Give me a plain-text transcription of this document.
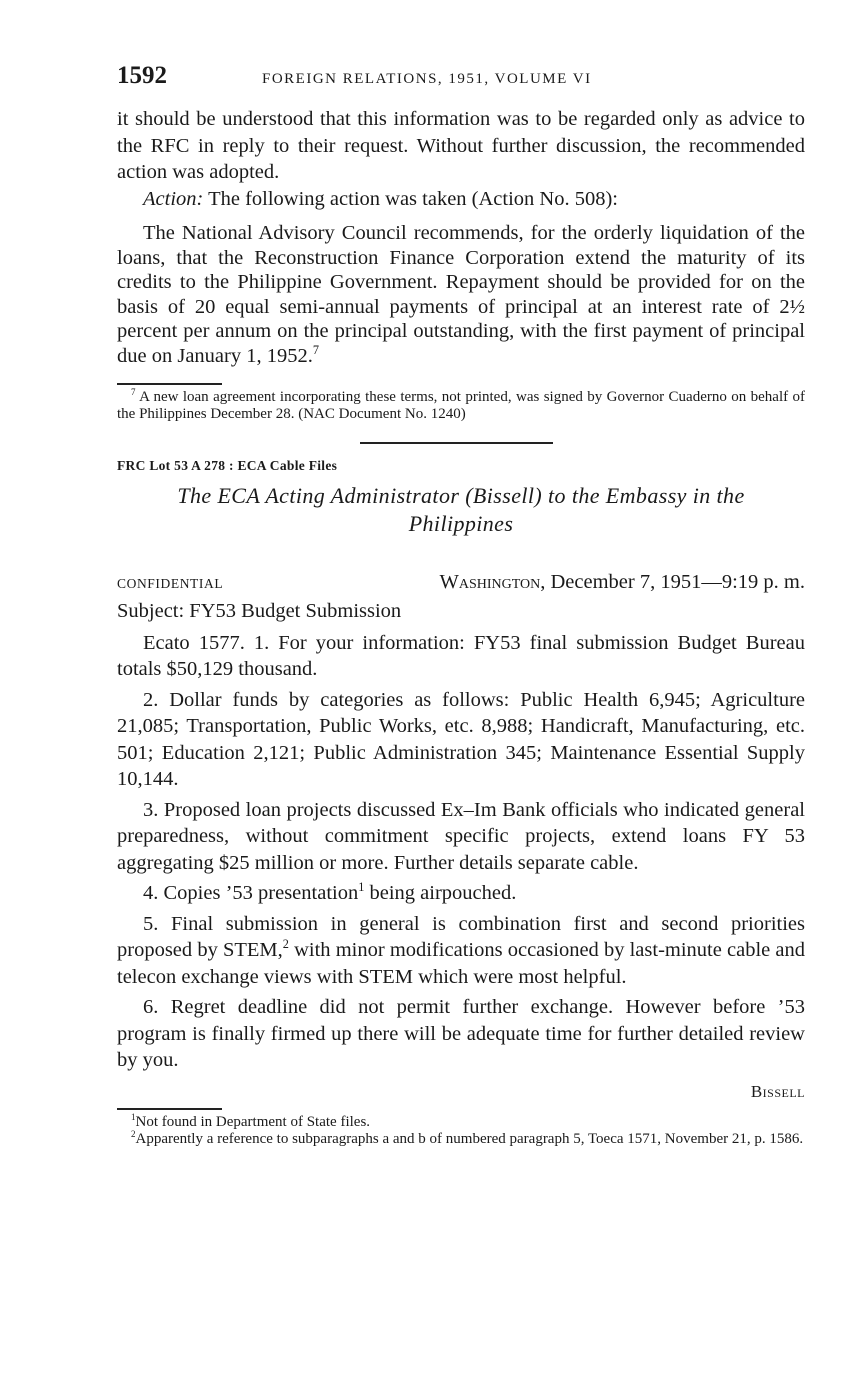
1592	FOREIGN RELATIONS, 1951, VOLUME VI

it should be understood that this information was to be regarded only as advice to the RFC in reply to their request. Without further discussion, the recommended action was adopted.

Action: The following action was taken (Action No. 508):

The National Advisory Council recommends, for the orderly liquidation of the loans, that the Reconstruction Finance Corporation extend the maturity of its credits to the Philippine Government. Repayment should be provided for on the basis of 20 equal semi-annual payments of principal at an interest rate of 2½ percent per annum on the principal outstanding, with the first payment of principal due on January 1, 1952.$^7$

$^7$ A new loan agreement incorporating these terms, not printed, was signed by Governor Cuaderno on behalf of the Philippines December 28. (NAC Document No. 1240)
FRC Lot 53 A 278 : ECA Cable Files
The ECA Acting Administrator (Bissell) to the Embassy in the
Philippines
CONFIDENTIAL	Washington, December 7, 1951—9:19 p. m.
Subject: FY53 Budget Submission

Ecato 1577. 1. For your information: FY53 final submission Budget Bureau totals $50,129 thousand.

2. Dollar funds by categories as follows: Public Health 6,945; Agriculture 21,085; Transportation, Public Works, etc. 8,988; Handicraft, Manufacturing, etc. 501; Education 2,121; Public Administration 345; Maintenance Essential Supply 10,144.

3. Proposed loan projects discussed Ex–Im Bank officials who indicated general preparedness, without commitment specific projects, extend loans FY 53 aggregating $25 million or more. Further details separate cable.

4. Copies ’53 presentation$^1$ being airpouched.

5. Final submission in general is combination first and second priorities proposed by STEM,$^2$ with minor modifications occasioned by last-minute cable and telecon exchange views with STEM which were most helpful.

6. Regret deadline did not permit further exchange. However before ’53 program is finally firmed up there will be adequate time for further detailed review by you.

Bissell
$^1$Not found in Department of State files.
$^2$Apparently a reference to subparagraphs a and b of numbered paragraph 5, Toeca 1571, November 21, p. 1586.
